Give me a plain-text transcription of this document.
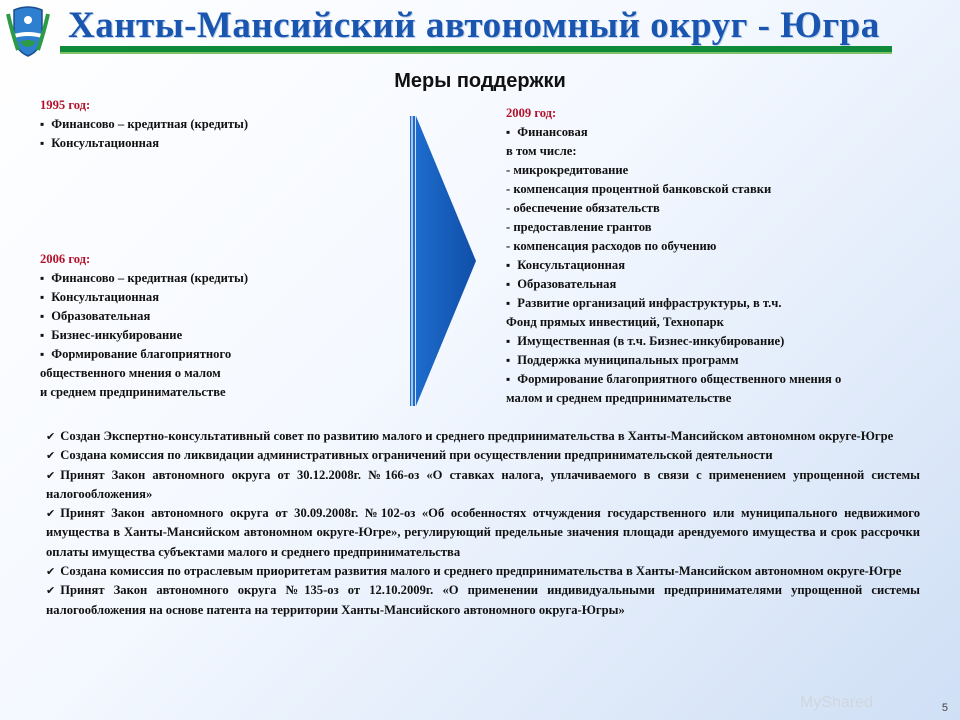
Ханты-Мансийский автономный округ - Югра
Меры поддержки
1995 год:
▪ Финансово – кредитная (кредиты)
▪ Консультационная
2006 год:
▪ Финансово – кредитная (кредиты)
▪ Консультационная
▪ Образовательная
▪ Бизнес-инкубирование
▪ Формирование благоприятного
общественного мнения о малом
и среднем предпринимательстве
2009 год:
▪ Финансовая
в том числе:
- микрокредитование
- компенсация процентной банковской ставки
- обеспечение обязательств
- предоставление грантов
- компенсация расходов по обучению
▪ Консультационная
▪ Образовательная
▪ Развитие организаций инфраструктуры, в т.ч.
Фонд прямых инвестиций, Технопарк
▪ Имущественная (в т.ч. Бизнес-инкубирование)
▪ Поддержка муниципальных программ
▪ Формирование благоприятного общественного мнения о
малом и среднем предпринимательстве

✔ Создан Экспертно-консультативный совет по развитию малого и среднего предпринимательства в Ханты-Мансийском автономном округе-Югре

✔ Создана комиссия по ликвидации административных ограничений при осуществлении предпринимательской деятельности

✔ Принят Закон автономного округа от 30.12.2008г. №166-оз «О ставках налога, уплачиваемого в связи с применением упрощенной системы налогообложения»

✔ Принят Закон автономного округа от 30.09.2008г. №102-оз «Об особенностях отчуждения государственного или муниципального недвижимого имущества в Ханты-Мансийском автономном округе-Югре», регулирующий предельные значения площади арендуемого имущества и срок рассрочки оплаты имущества субъектами малого и среднего предпринимательства

✔ Создана комиссия по отраслевым приоритетам развития малого и среднего предпринимательства в Ханты-Мансийском автономном округе-Югре

✔ Принят Закон автономного округа №135-оз от 12.10.2009г. «О применении индивидуальными предпринимателями упрощенной системы налогообложения на основе патента на территории Ханты-Мансийского автономного округа-Югры»

MyShared	5
